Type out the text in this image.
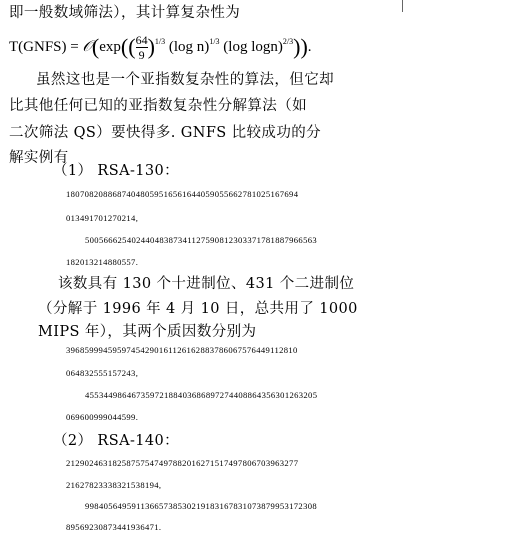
即一般数域筛法），其计算复杂性为
T(GNFS) = 𝒪(exp(( $\frac{64}{9} )^{1/3}$ (log n)$^{1/3}$ (log logn)$^{2/3}$)).
虽然这也是一个亚指数复杂性的算法，但它却
比其他任何已知的亚指数复杂性分解算法（如
二次筛法 QS）要快得多. GNFS 比较成功的分
解实例有
（1） RSA-130：
18070820886874048059516561644059055662781025167694
013491701270214,
50056662540244048387341127590812303371781887966563
182013214880557.
该数具有 130 个十进制位、431 个二进制位
（分解于 1996 年 4 月 10 日，总共用了 1000
MIPS 年），其两个质因数分别为
39685999459597454290161126162883786067576449112810
064832555157243,
45534498646735972188403686897274408864356301263205
069600999044599.
（2） RSA-140：
21290246318258757547497882016271517497806703963277
21627823338321538194,
99840564959113665738530219183167831073879953172308
89569230873441936471.
